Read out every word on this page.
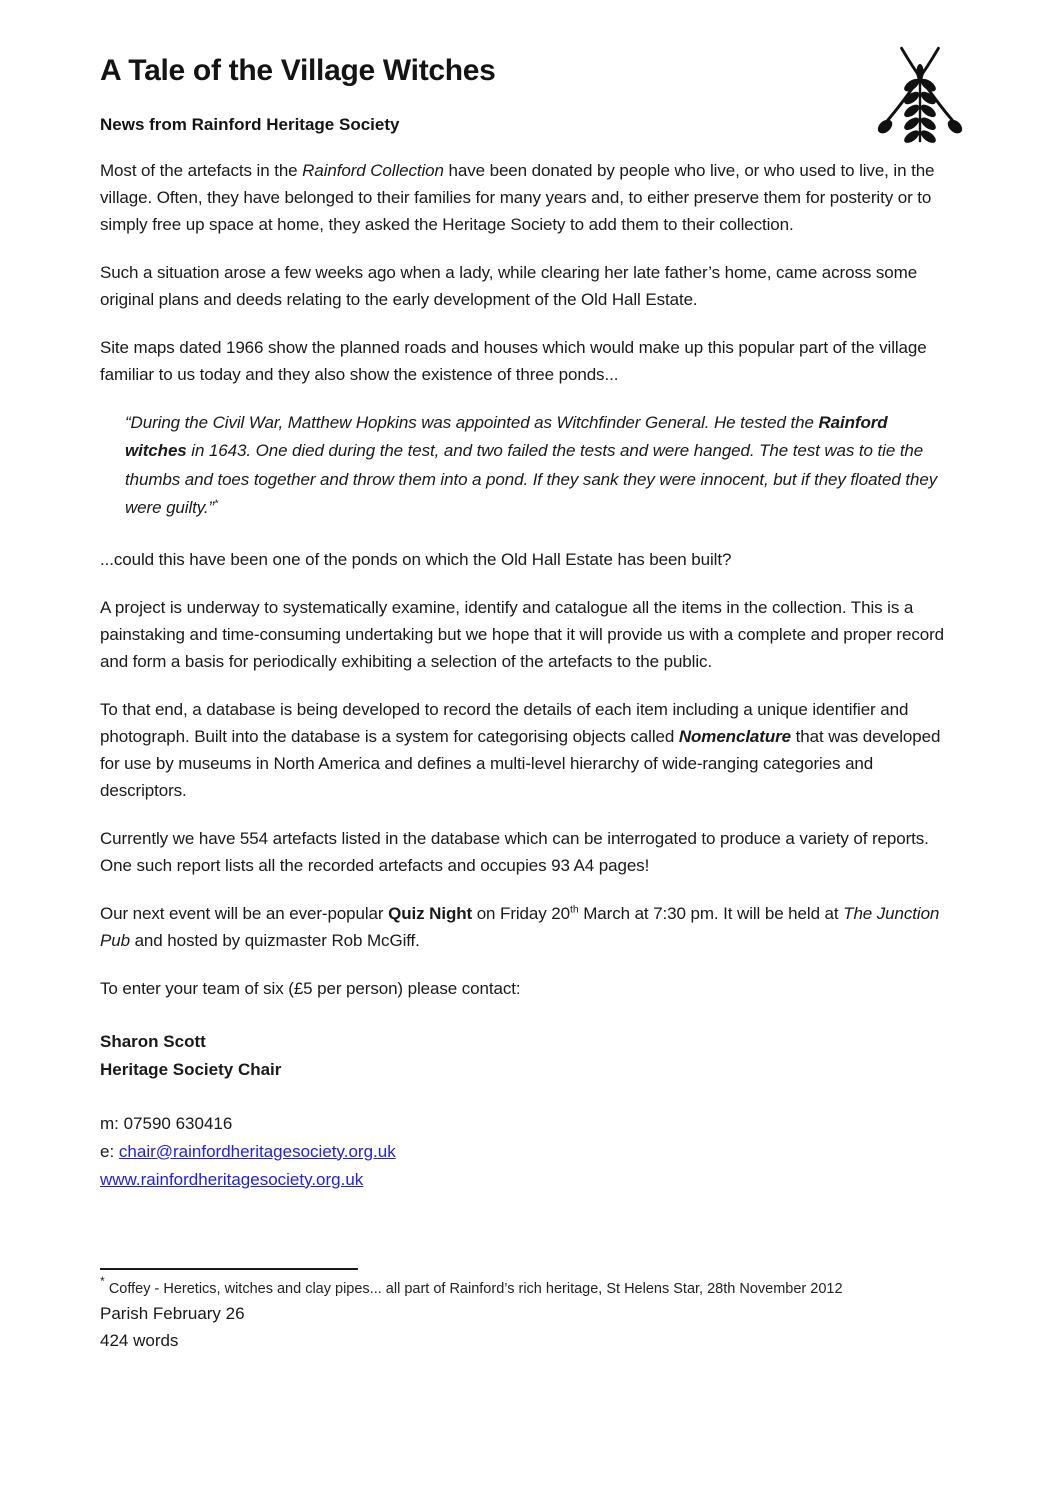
A Tale of the Village Witches
News from Rainford Heritage Society

Most of the artefacts in the Rainford Collection have been donated by people who live, or who used to live, in the village. Often, they have belonged to their families for many years and, to either preserve them for posterity or to simply free up space at home, they asked the Heritage Society to add them to their collection.

Such a situation arose a few weeks ago when a lady, while clearing her late father’s home, came across some original plans and deeds relating to the early development of the Old Hall Estate.

Site maps dated 1966 show the planned roads and houses which would make up this popular part of the village familiar to us today and they also show the existence of three ponds...

“During the Civil War, Matthew Hopkins was appointed as Witchfinder General. He tested the Rainford witches in 1643. One died during the test, and two failed the tests and were hanged. The test was to tie the thumbs and toes together and throw them into a pond. If they sank they were innocent, but if they floated they were guilty.”*

...could this have been one of the ponds on which the Old Hall Estate has been built?

A project is underway to systematically examine, identify and catalogue all the items in the collection. This is a painstaking and time-consuming undertaking but we hope that it will provide us with a complete and proper record and form a basis for periodically exhibiting a selection of the artefacts to the public.

To that end, a database is being developed to record the details of each item including a unique identifier and photograph. Built into the database is a system for categorising objects called Nomenclature that was developed for use by museums in North America and defines a multi-level hierarchy of wide-ranging categories and descriptors.

Currently we have 554 artefacts listed in the database which can be interrogated to produce a variety of reports. One such report lists all the recorded artefacts and occupies 93 A4 pages!

Our next event will be an ever-popular Quiz Night on Friday 20th March at 7:30 pm. It will be held at The Junction Pub and hosted by quizmaster Rob McGiff.

To enter your team of six (£5 per person) please contact:

Sharon Scott
Heritage Society Chair
m: 07590 630416
e: chair@rainfordheritagesociety.org.uk
www.rainfordheritagesociety.org.uk
* Coffey - Heretics, witches and clay pipes... all part of Rainford’s rich heritage, St Helens Star, 28th November 2012
Parish February 26
424 words
